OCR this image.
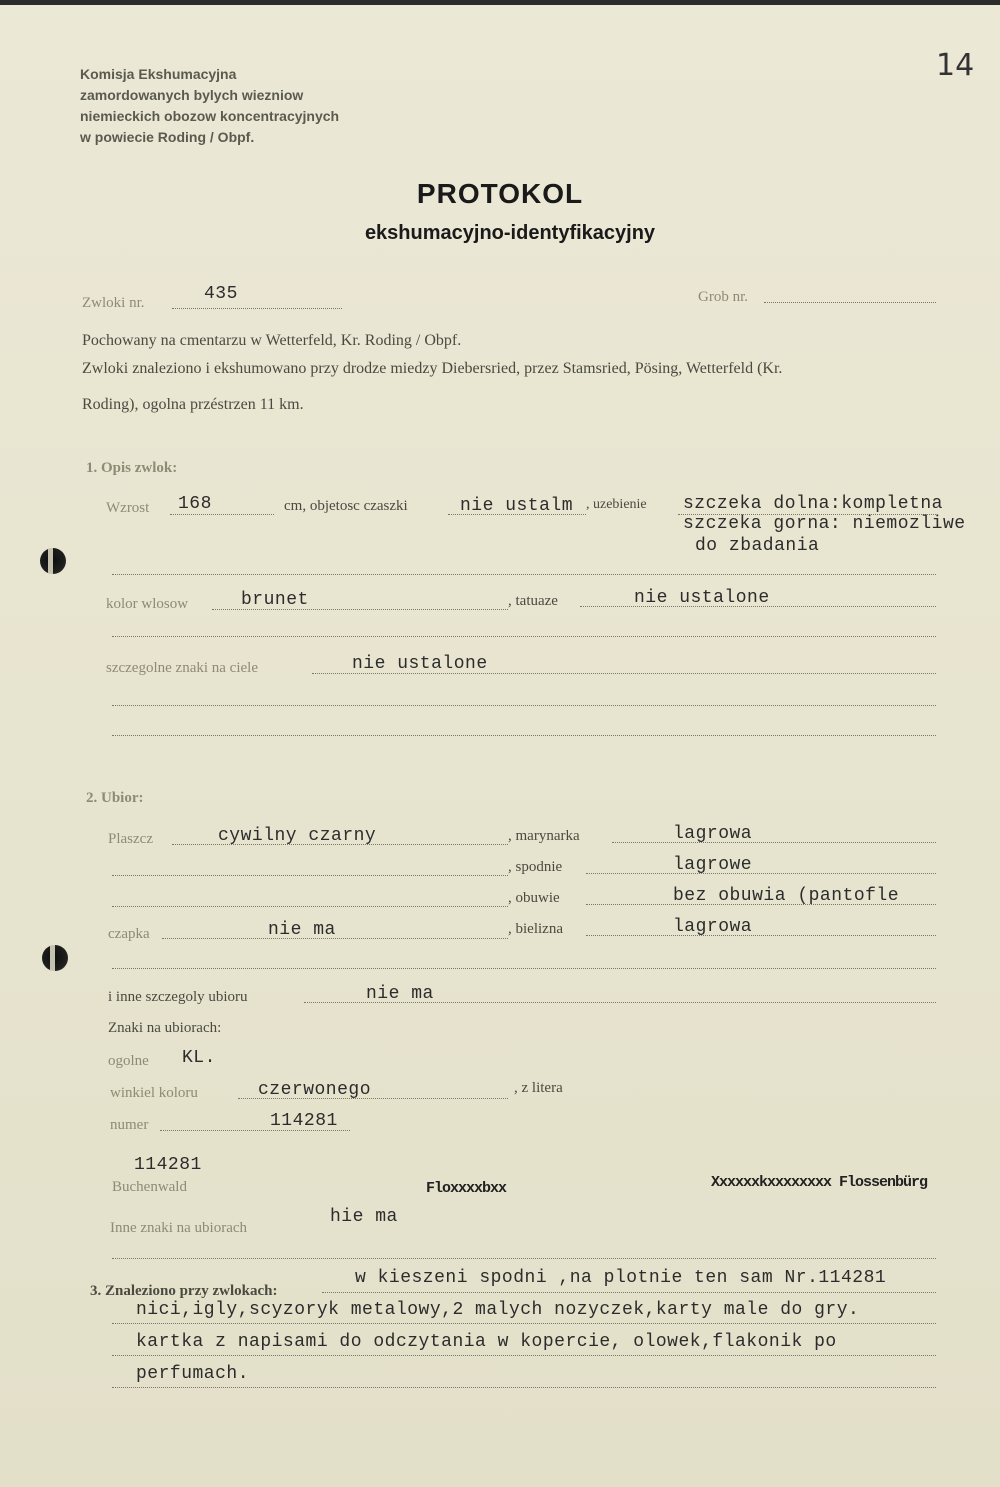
14
Komisja Ekshumacyjna
zamordowanych bylych wiezniow
niemieckich obozow koncentracyjnych
w powiecie Roding / Obpf.
PROTOKOL
ekshumacyjno-identyfikacyjny
Zwloki nr.	435	Grob nr.
Pochowany na cmentarzu w Wetterfeld, Kr. Roding / Obpf.
Zwloki znaleziono i ekshumowano przy drodze miedzy Diebersried, przez Stamsried, Pösing, Wetterfeld (Kr.
Roding), ogolna przéstrzen 11 km.
1. Opis zwlok:
Wzrost 168	cm, objetosc czaszki	nie ustalm , uzebienie szczeka dolna:kompletna
szczeka gorna: niemozliwe
do zbadania
kolor wlosow	brunet	, tatuaze	nie ustalone
szczegolne znaki na ciele	nie ustalone
2. Ubior:
Plaszcz	cywilny czarny	, marynarka	lagrowa
, spodnie	lagrowe
, obuwie	bez obuwia (pantofle
czapka	nie ma	, bielizna	lagrowa
i inne szczegoly ubioru	nie ma
Znaki na ubiorach:
ogolne KL.
winkiel koloru	czerwonego	, z litera
numer	114281
114281
Buchenwald	Floxxxxbxx	Xxxxxxkxxxxxxxx Flossenbürg
Inne znaki na ubiorach
hie ma
3. Znaleziono przy zwlokach:
w kieszeni spodni ,na plotnie ten sam Nr.114281
nici,igly,scyzoryk metalowy,2 malych nozyczek,karty male do gry.
kartka z napisami do odczytania w kopercie, olowek,flakonik po
perfumach.
